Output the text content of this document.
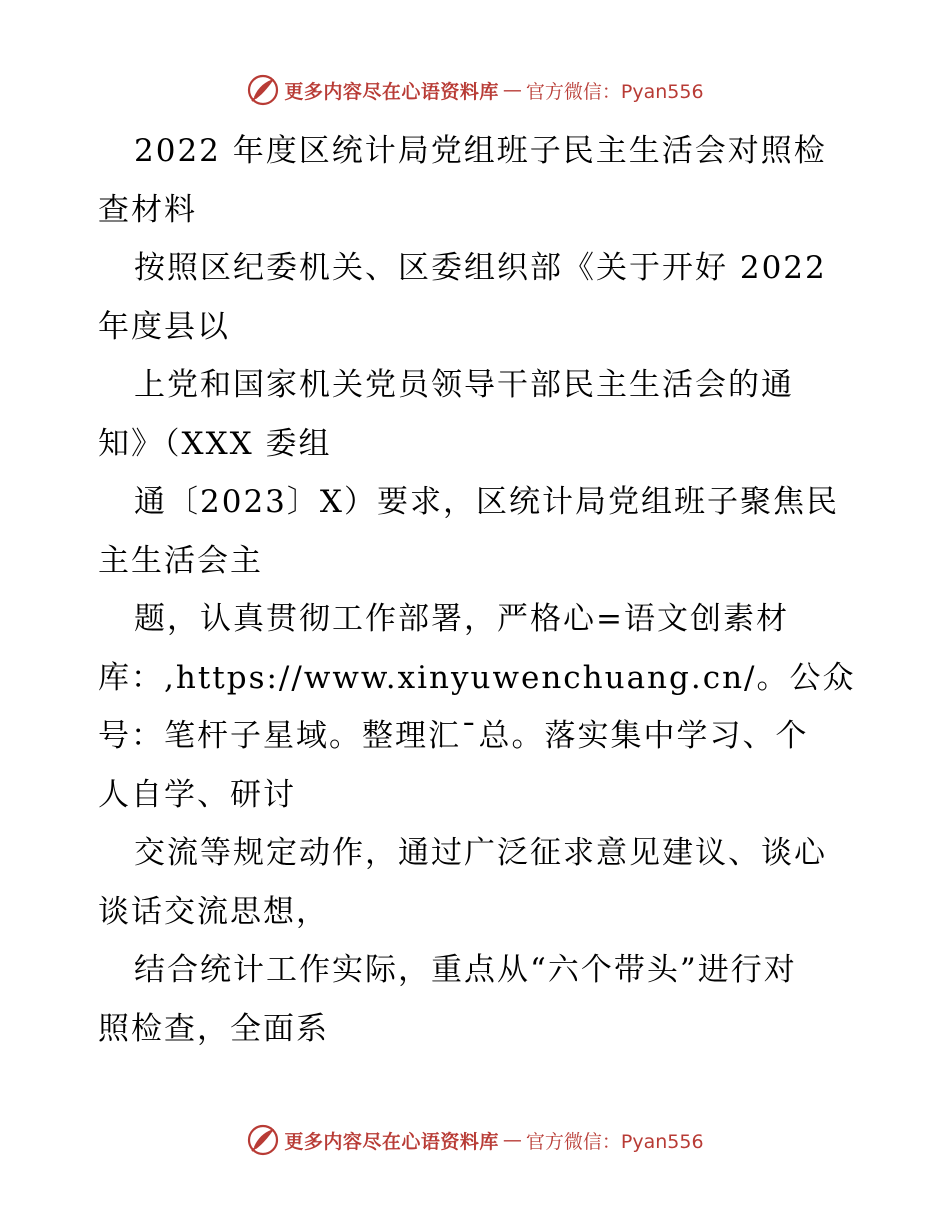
更多内容尽在心语资料库 — 官方微信：Pyan556
2022 年度区统计局党组班子民主生活会对照检
查材料
按照区纪委机关、区委组织部《关于开好 2022
年度县以
上党和国家机关党员领导干部民主生活会的通
知》（XXX 委组
通〔2023〕X）要求，区统计局党组班子聚焦民
主生活会主
题，认真贯彻工作部署，严格心=语文创素材
库：,https://www.xinyuwenchuang.cn/。公众
号：笔杆子星域。整理汇¯总。落实集中学习、个
人自学、研讨
交流等规定动作，通过广泛征求意见建议、谈心
谈话交流思想，
结合统计工作实际，重点从“六个带头”进行对
照检查，全面系
更多内容尽在心语资料库 — 官方微信：Pyan556
